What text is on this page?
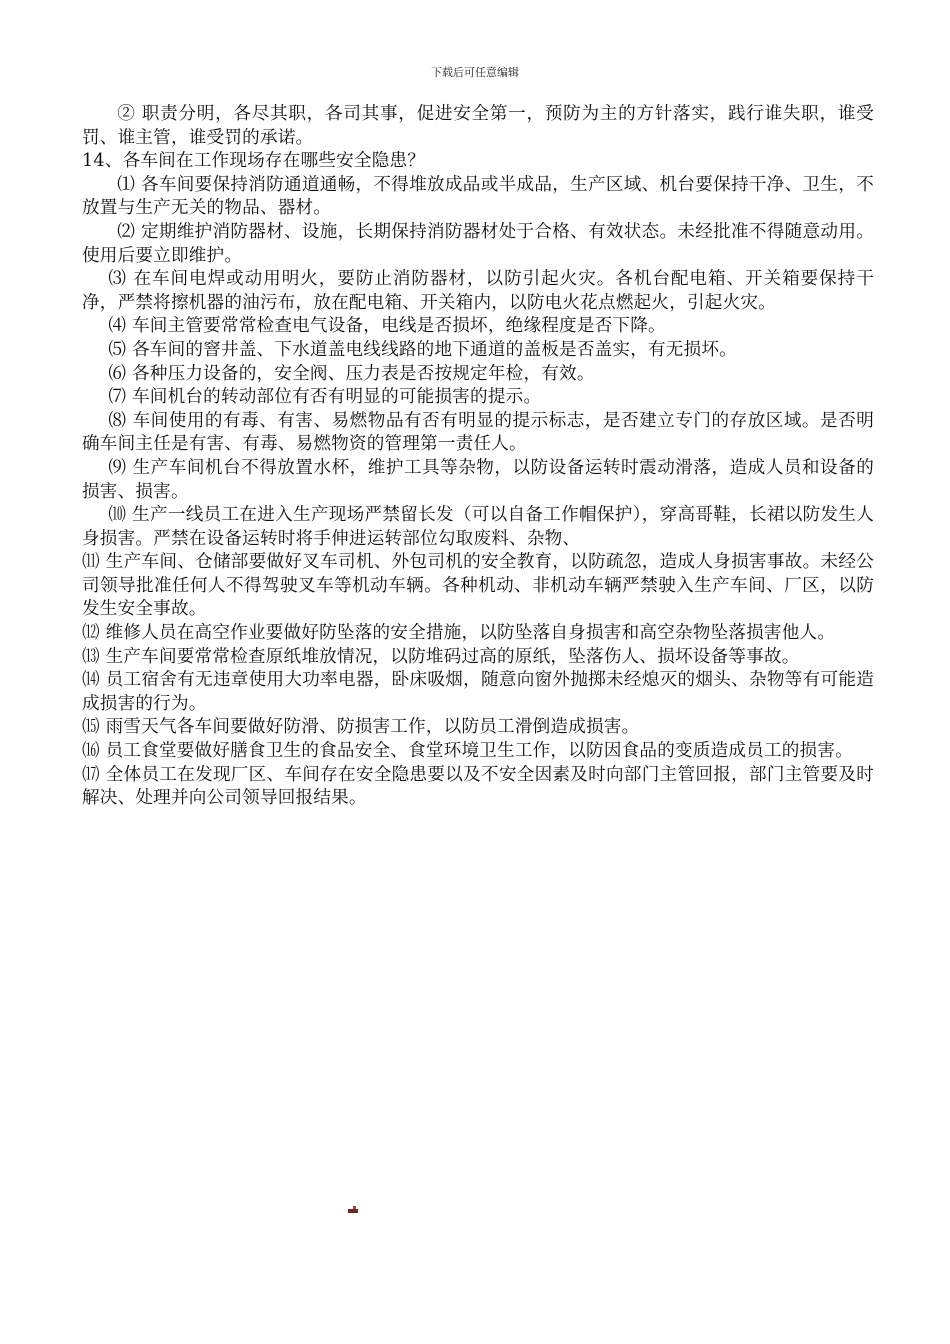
下载后可任意编辑

② 职责分明，各尽其职，各司其事，促进安全第一，预防为主的方针落实，践行谁失职，谁受罚、谁主管，谁受罚的承诺。

14、各车间在工作现场存在哪些安全隐患？

⑴ 各车间要保持消防通道通畅，不得堆放成品或半成品，生产区域、机台要保持干净、卫生，不放置与生产无关的物品、器材。

⑵ 定期维护消防器材、设施，长期保持消防器材处于合格、有效状态。未经批准不得随意动用。使用后要立即维护。

⑶ 在车间电焊或动用明火，要防止消防器材，以防引起火灾。各机台配电箱、开关箱要保持干净，严禁将擦机器的油污布，放在配电箱、开关箱内，以防电火花点燃起火，引起火灾。

⑷ 车间主管要常常检查电气设备，电线是否损坏，绝缘程度是否下降。

⑸ 各车间的窨井盖、下水道盖电线线路的地下通道的盖板是否盖实，有无损坏。

⑹ 各种压力设备的，安全阀、压力表是否按规定年检，有效。

⑺ 车间机台的转动部位有否有明显的可能损害的提示。

⑻ 车间使用的有毒、有害、易燃物品有否有明显的提示标志，是否建立专门的存放区域。是否明确车间主任是有害、有毒、易燃物资的管理第一责任人。

⑼ 生产车间机台不得放置水杯，维护工具等杂物，以防设备运转时震动滑落，造成人员和设备的损害、损害。

⑽ 生产一线员工在进入生产现场严禁留长发（可以自备工作帽保护），穿高哥鞋，长裙以防发生人身损害。严禁在设备运转时将手伸进运转部位勾取废料、杂物、

⑾ 生产车间、仓储部要做好叉车司机、外包司机的安全教育，以防疏忽，造成人身损害事故。未经公司领导批准任何人不得驾驶叉车等机动车辆。各种机动、非机动车辆严禁驶入生产车间、厂区，以防发生安全事故。

⑿ 维修人员在高空作业要做好防坠落的安全措施，以防坠落自身损害和高空杂物坠落损害他人。

⒀ 生产车间要常常检查原纸堆放情况，以防堆码过高的原纸，坠落伤人、损坏设备等事故。

⒁ 员工宿舍有无违章使用大功率电器，卧床吸烟，随意向窗外抛掷未经熄灭的烟头、杂物等有可能造成损害的行为。

⒂ 雨雪天气各车间要做好防滑、防损害工作，以防员工滑倒造成损害。

⒃ 员工食堂要做好膳食卫生的食品安全、食堂环境卫生工作，以防因食品的变质造成员工的损害。

⒄ 全体员工在发现厂区、车间存在安全隐患要以及不安全因素及时向部门主管回报，部门主管要及时解决、处理并向公司领导回报结果。
